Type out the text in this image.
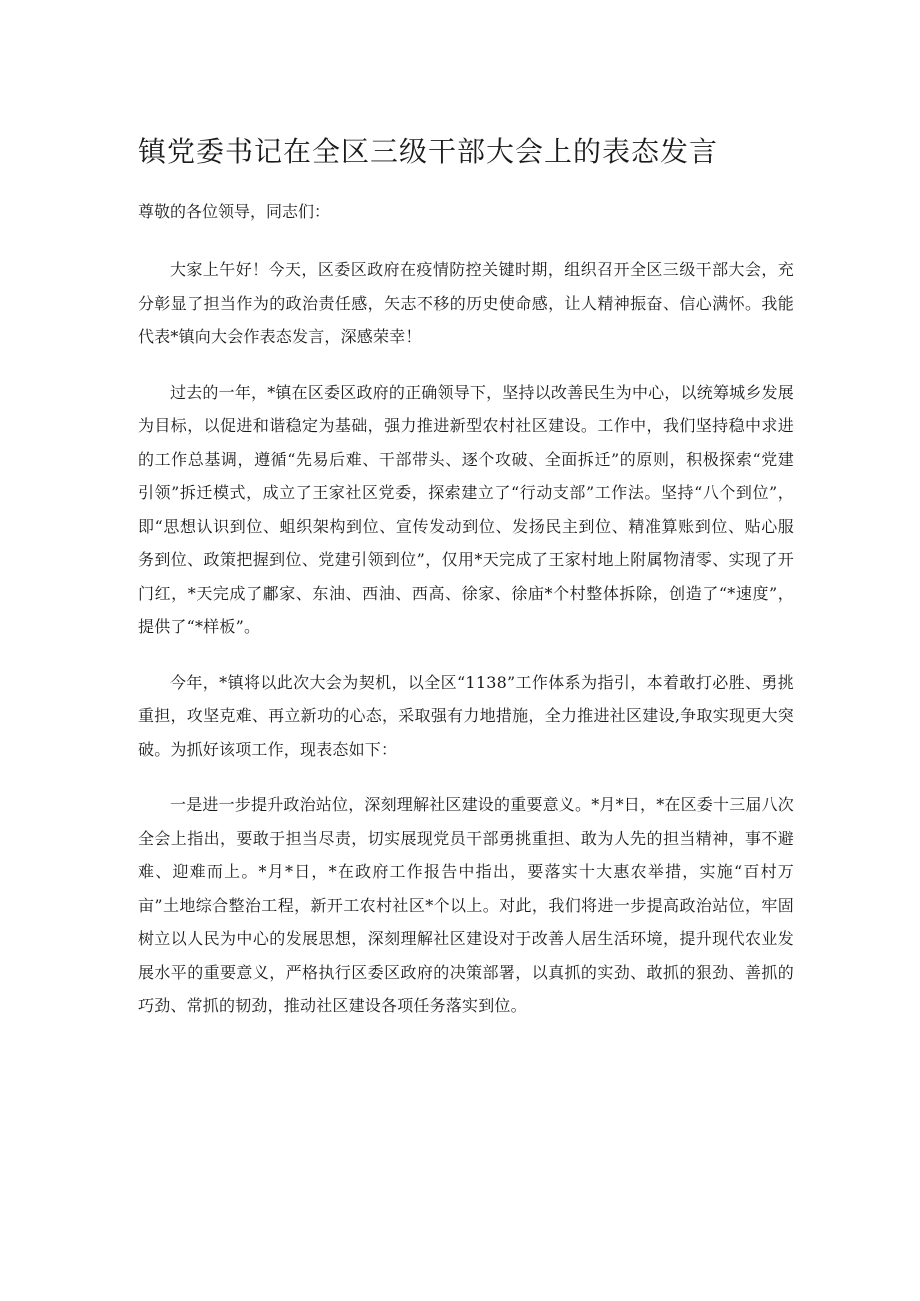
镇党委书记在全区三级干部大会上的表态发言

尊敬的各位领导，同志们：

大家上午好！今天，区委区政府在疫情防控关键时期，组织召开全区三级干部大会，充分彰显了担当作为的政治责任感，矢志不移的历史使命感，让人精神振奋、信心满怀。我能代表*镇向大会作表态发言，深感荣幸！

过去的一年，*镇在区委区政府的正确领导下，坚持以改善民生为中心，以统筹城乡发展为目标，以促进和谐稳定为基础，强力推进新型农村社区建设。工作中，我们坚持稳中求进的工作总基调，遵循“先易后难、干部带头、逐个攻破、全面拆迁”的原则，积极探索“党建引领”拆迁模式，成立了王家社区党委，探索建立了“行动支部”工作法。坚持“八个到位”，即“思想认识到位、蛆织架构到位、宣传发动到位、发扬民主到位、精准算账到位、贴心服务到位、政策把握到位、党建引领到位”，仅用*天完成了王家村地上附属物清零、实现了开门红，*天完成了鄘家、东油、西油、西高、徐家、徐庙*个村整体拆除，创造了“*速度”，提供了“*样板”。

今年，*镇将以此次大会为契机，以全区“1138”工作体系为指引，本着敢打必胜、勇挑重担，攻坚克难、再立新功的心态，采取强有力地措施，全力推进社区建设,争取实现更大突破。为抓好该项工作，现表态如下：

一是进一步提升政治站位，深刻理解社区建设的重要意义。*月*日，*在区委十三届八次全会上指出，要敢于担当尽责，切实展现党员干部勇挑重担、敢为人先的担当精神，事不避难、迎难而上。*月*日，*在政府工作报告中指出，要落实十大惠农举措，实施“百村万亩”土地综合整治工程，新开工农村社区*个以上。对此，我们将进一步提高政治站位，牢固树立以人民为中心的发展思想，深刻理解社区建设对于改善人居生活环境，提升现代农业发展水平的重要意义，严格执行区委区政府的决策部署，以真抓的实劲、敢抓的狠劲、善抓的巧劲、常抓的韧劲，推动社区建设各项任务落实到位。
